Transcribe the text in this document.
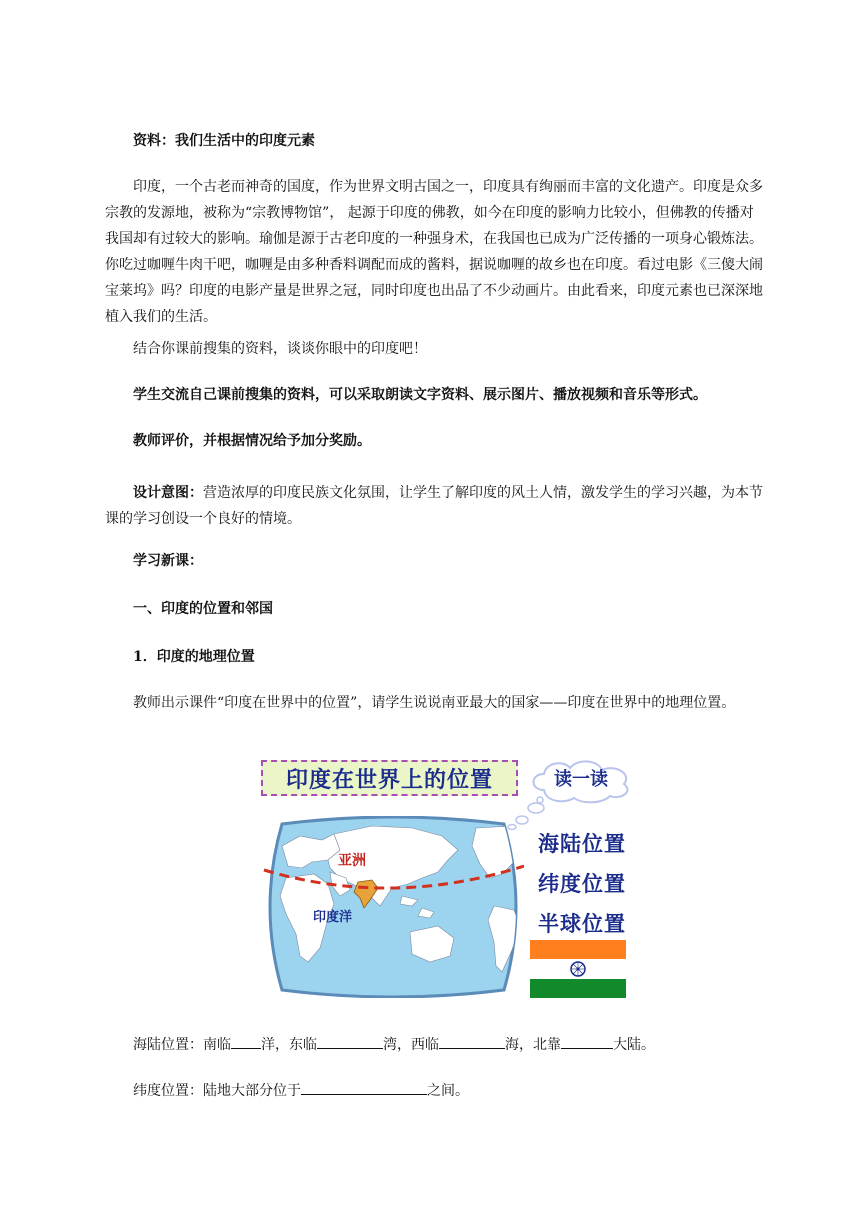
资料：我们生活中的印度元素

印度，一个古老而神奇的国度，作为世界文明古国之一，印度具有绚丽而丰富的文化遗产。印度是众多宗教的发源地，被称为“宗教博物馆”， 起源于印度的佛教，如今在印度的影响力比较小，但佛教的传播对我国却有过较大的影响。瑜伽是源于古老印度的一种强身术，在我国也已成为广泛传播的一项身心锻炼法。你吃过咖喱牛肉干吧，咖喱是由多种香料调配而成的酱料，据说咖喱的故乡也在印度。看过电影《三傻大闹宝莱坞》吗？印度的电影产量是世界之冠，同时印度也出品了不少动画片。由此看来，印度元素也已深深地植入我们的生活。

结合你课前搜集的资料，谈谈你眼中的印度吧！

学生交流自己课前搜集的资料，可以采取朗读文字资料、展示图片、播放视频和音乐等形式。

教师评价，并根据情况给予加分奖励。

设计意图：营造浓厚的印度民族文化氛围，让学生了解印度的风土人情，激发学生的学习兴趣，为本节课的学习创设一个良好的情境。

学习新课：

一、印度的位置和邻国

1．印度的地理位置

教师出示课件“印度在世界中的位置”，请学生说说南亚最大的国家——印度在世界中的地理位置。

印度在世界上的位置	读一读
亚洲
印度洋
海陆位置
纬度位置
半球位置

海陆位置：南临 洋，东临	湾，西临	海，北靠	大陆。

纬度位置：陆地大部分位于	之间。
